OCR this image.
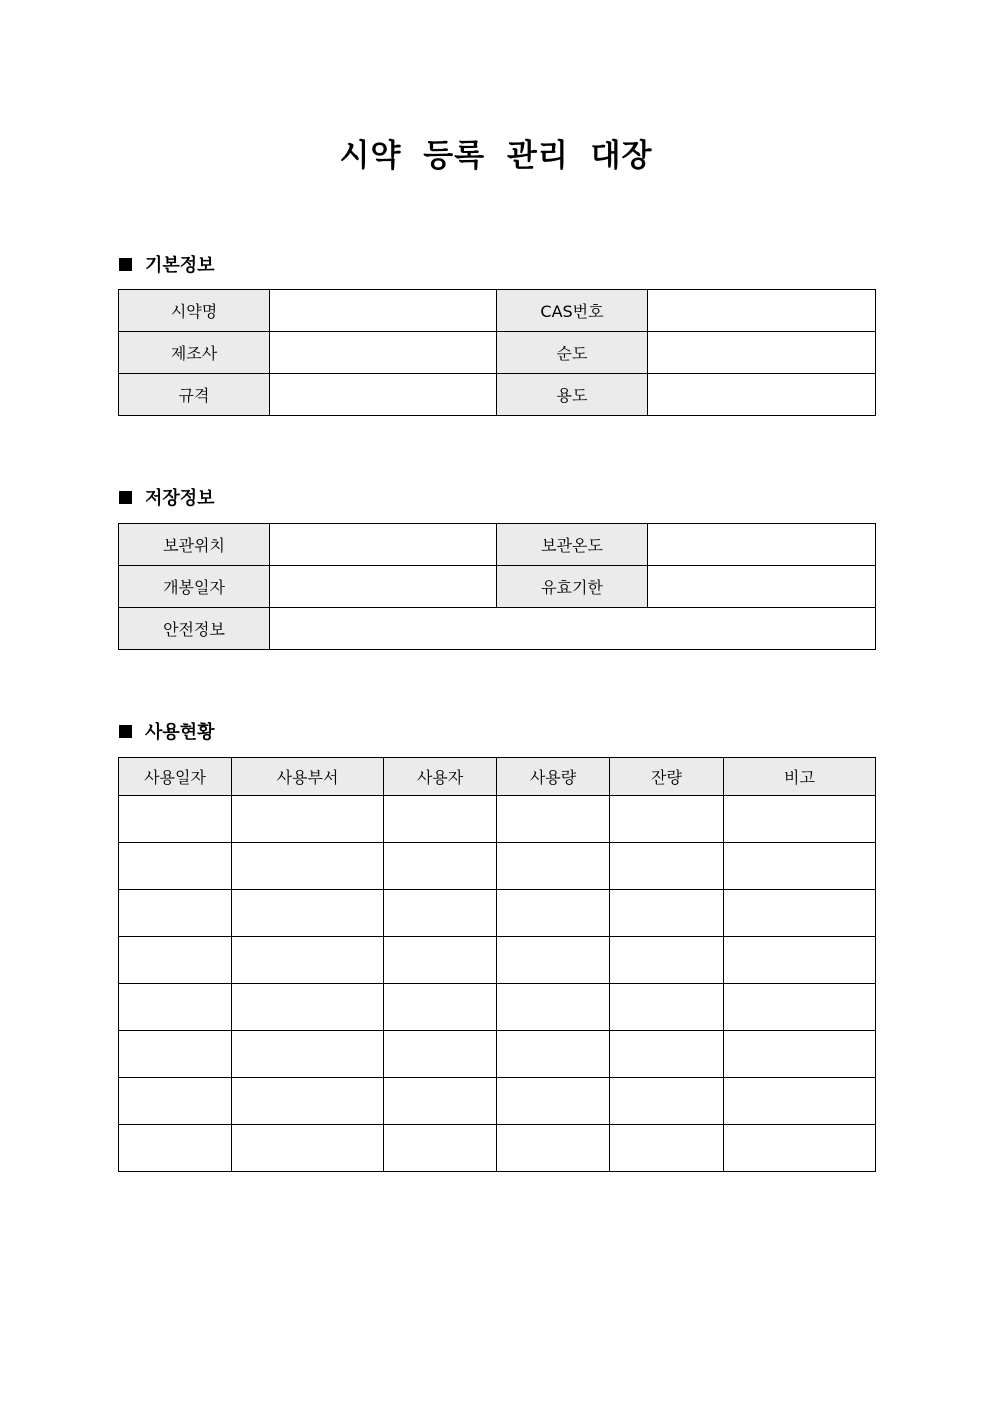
시약 등록 관리 대장
기본정보
시약명		CAS번호	
제조사		순도	
규격		용도	
저장정보
보관위치		보관온도	
개봉일자		유효기한	
안전정보			
사용현황
사용일자	사용부서	사용자	사용량	잔량	비고
